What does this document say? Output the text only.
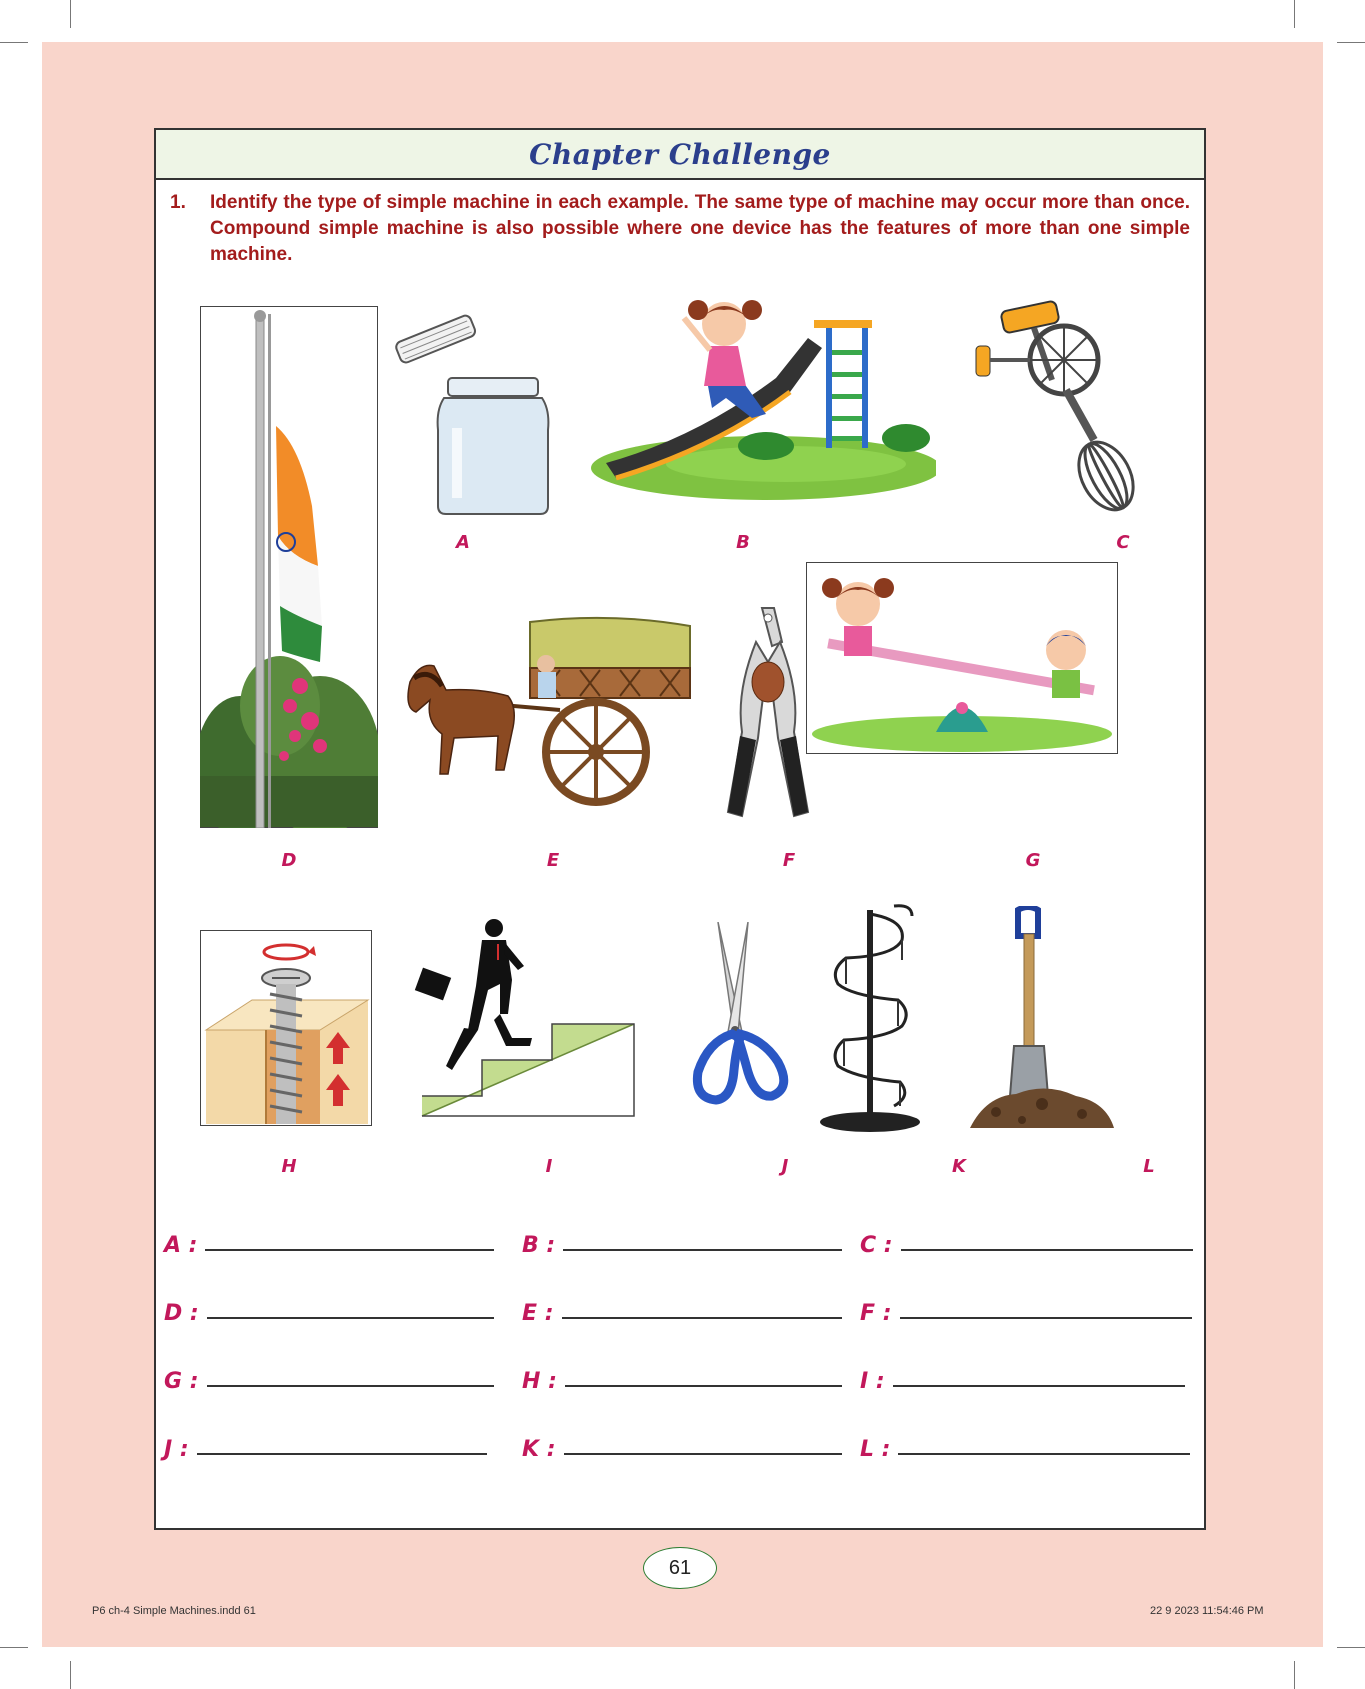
P6 ch-4 Simple Machines.indd 61	22 9 2023 11:54:46 PM
Chapter Challenge
1. Identify the type of simple machine in each example. The same type of machine may occur more than once. Compound simple machine is also possible where one device has the features of more than one simple machine.
A	B	C
D	E	F	G
H	I	J	K	L
A :	B :	C :
D :	E :	F :
G :	H :	I :
J :	K :	L :
61
